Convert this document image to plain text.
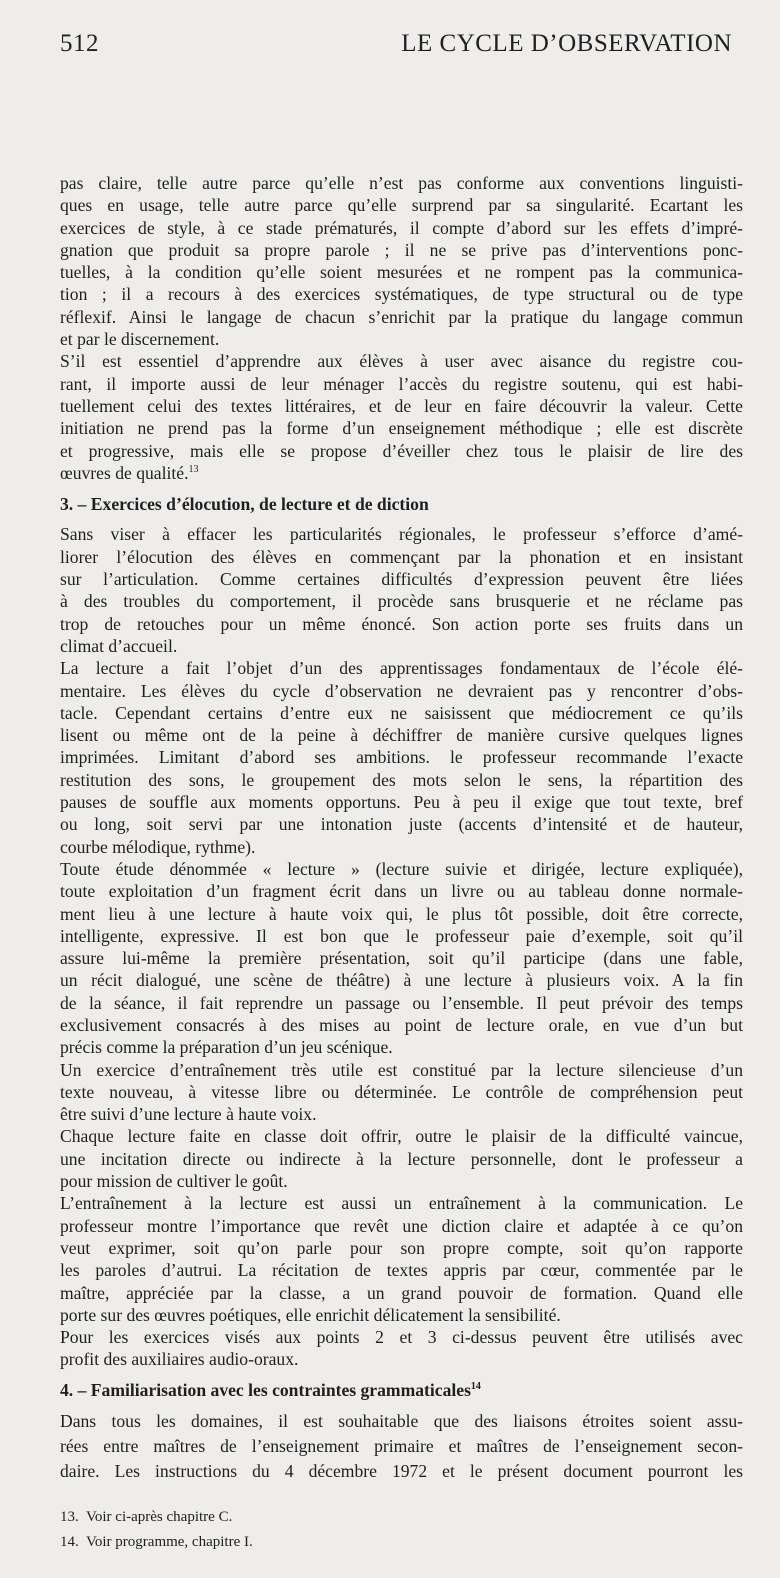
512	LE CYCLE D’OBSERVATION
pas claire, telle autre parce qu’elle n’est pas conforme aux conventions linguisti-
ques en usage, telle autre parce qu’elle surprend par sa singularité. Ecartant les
exercices de style, à ce stade prématurés, il compte d’abord sur les effets d’impré-
gnation que produit sa propre parole ; il ne se prive pas d’interventions ponc-
tuelles, à la condition qu’elle soient mesurées et ne rompent pas la communica-
tion ; il a recours à des exercices systématiques, de type structural ou de type
réflexif. Ainsi le langage de chacun s’enrichit par la pratique du langage commun
et par le discernement.
S’il est essentiel d’apprendre aux élèves à user avec aisance du registre cou-
rant, il importe aussi de leur ménager l’accès du registre soutenu, qui est habi-
tuellement celui des textes littéraires, et de leur en faire découvrir la valeur. Cette
initiation ne prend pas la forme d’un enseignement méthodique ; elle est discrète
et progressive, mais elle se propose d’éveiller chez tous le plaisir de lire des
œuvres de qualité.$^{13}$
3. – Exercices d’élocution, de lecture et de diction
Sans viser à effacer les particularités régionales, le professeur s’efforce d’amé-
liorer l’élocution des élèves en commençant par la phonation et en insistant
sur l’articulation. Comme certaines difficultés d’expression peuvent être liées
à des troubles du comportement, il procède sans brusquerie et ne réclame pas
trop de retouches pour un même énoncé. Son action porte ses fruits dans un
climat d’accueil.
La lecture a fait l’objet d’un des apprentissages fondamentaux de l’école élé-
mentaire. Les élèves du cycle d’observation ne devraient pas y rencontrer d’obs-
tacle. Cependant certains d’entre eux ne saisissent que médiocrement ce qu’ils
lisent ou même ont de la peine à déchiffrer de manière cursive quelques lignes
imprimées. Limitant d’abord ses ambitions. le professeur recommande l’exacte
restitution des sons, le groupement des mots selon le sens, la répartition des
pauses de souffle aux moments opportuns. Peu à peu il exige que tout texte, bref
ou long, soit servi par une intonation juste (accents d’intensité et de hauteur,
courbe mélodique, rythme).
Toute étude dénommée « lecture » (lecture suivie et dirigée, lecture expliquée),
toute exploitation d’un fragment écrit dans un livre ou au tableau donne normale-
ment lieu à une lecture à haute voix qui, le plus tôt possible, doit être correcte,
intelligente, expressive. Il est bon que le professeur paie d’exemple, soit qu’il
assure lui-même la première présentation, soit qu’il participe (dans une fable,
un récit dialogué, une scène de théâtre) à une lecture à plusieurs voix. A la fin
de la séance, il fait reprendre un passage ou l’ensemble. Il peut prévoir des temps
exclusivement consacrés à des mises au point de lecture orale, en vue d’un but
précis comme la préparation d’un jeu scénique.
Un exercice d’entraînement très utile est constitué par la lecture silencieuse d’un
texte nouveau, à vitesse libre ou déterminée. Le contrôle de compréhension peut
être suivi d’une lecture à haute voix.
Chaque lecture faite en classe doit offrir, outre le plaisir de la difficulté vaincue,
une incitation directe ou indirecte à la lecture personnelle, dont le professeur a
pour mission de cultiver le goût.
L’entraînement à la lecture est aussi un entraînement à la communication. Le
professeur montre l’importance que revêt une diction claire et adaptée à ce qu’on
veut exprimer, soit qu’on parle pour son propre compte, soit qu’on rapporte
les paroles d’autrui. La récitation de textes appris par cœur, commentée par le
maître, appréciée par la classe, a un grand pouvoir de formation. Quand elle
porte sur des œuvres poétiques, elle enrichit délicatement la sensibilité.
Pour les exercices visés aux points 2 et 3 ci-dessus peuvent être utilisés avec
profit des auxiliaires audio-oraux.
4. – Familiarisation avec les contraintes grammaticales$^{14}$
Dans tous les domaines, il est souhaitable que des liaisons étroites soient assu-
rées entre maîtres de l’enseignement primaire et maîtres de l’enseignement secon-
daire. Les instructions du 4 décembre 1972 et le présent document pourront les
13. Voir ci-après chapitre C.
14. Voir programme, chapitre I.
